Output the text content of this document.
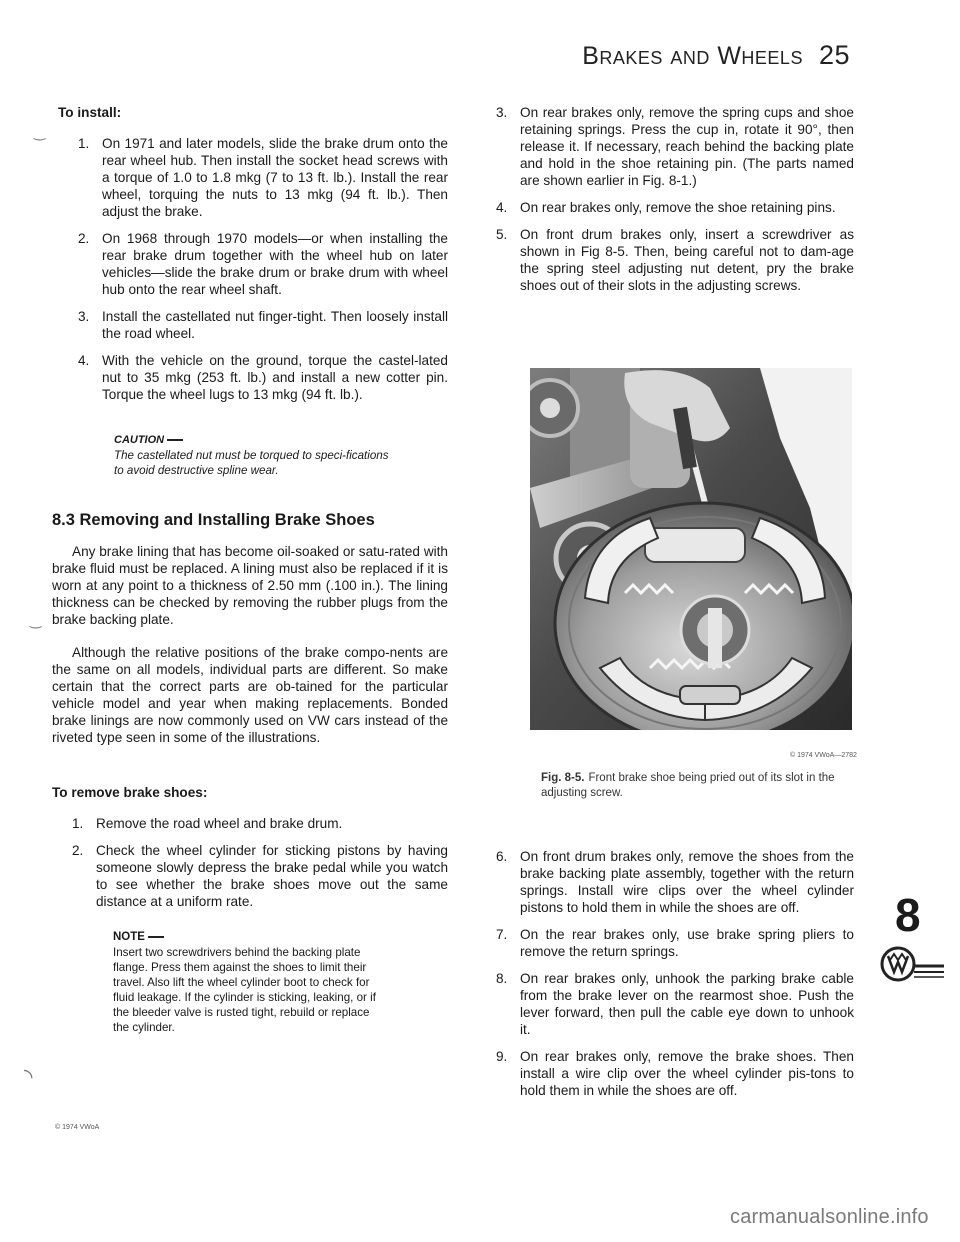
Brakes and Wheels 25

To install:

1. On 1971 and later models, slide the brake drum onto the rear wheel hub. Then install the socket head screws with a torque of 1.0 to 1.8 mkg (7 to 13 ft. lb.). Install the rear wheel, torquing the nuts to 13 mkg (94 ft. lb.). Then adjust the brake.
2. On 1968 through 1970 models—or when installing the rear brake drum together with the wheel hub on later vehicles—slide the brake drum or brake drum with wheel hub onto the rear wheel shaft.
3. Install the castellated nut finger-tight. Then loosely install the road wheel.
4. With the vehicle on the ground, torque the castel-lated nut to 35 mkg (253 ft. lb.) and install a new cotter pin. Torque the wheel lugs to 13 mkg (94 ft. lb.).
CAUTION
The castellated nut must be torqued to speci-fications to avoid destructive spline wear.
8.3 Removing and Installing Brake Shoes

Any brake lining that has become oil-soaked or satu-rated with brake fluid must be replaced. A lining must also be replaced if it is worn at any point to a thickness of 2.50 mm (.100 in.). The lining thickness can be checked by removing the rubber plugs from the brake backing plate.

Although the relative positions of the brake compo-nents are the same on all models, individual parts are different. So make certain that the correct parts are ob-tained for the particular vehicle model and year when making replacements. Bonded brake linings are now commonly used on VW cars instead of the riveted type seen in some of the illustrations.

To remove brake shoes:

1. Remove the road wheel and brake drum.
2. Check the wheel cylinder for sticking pistons by having someone slowly depress the brake pedal while you watch to see whether the brake shoes move out the same distance at a uniform rate.
NOTE
Insert two screwdrivers behind the backing plate flange. Press them against the shoes to limit their travel. Also lift the wheel cylinder boot to check for fluid leakage. If the cylinder is sticking, leaking, or if the bleeder valve is rusted tight, rebuild or replace the cylinder.
© 1974 VWoA
‿
‿
◝
3. On rear brakes only, remove the spring cups and shoe retaining springs. Press the cup in, rotate it 90°, then release it. If necessary, reach behind the backing plate and hold in the shoe retaining pin. (The parts named are shown earlier in Fig. 8-1.)
4. On rear brakes only, remove the shoe retaining pins.
5. On front drum brakes only, insert a screwdriver as shown in Fig 8-5. Then, being careful not to dam-age the spring steel adjusting nut detent, pry the brake shoes out of their slots in the adjusting screws.
© 1974 VWoA—2782
Fig. 8-5. Front brake shoe being pried out of its slot in the adjusting screw.
6. On front drum brakes only, remove the shoes from the brake backing plate assembly, together with the return springs. Install wire clips over the wheel cylinder pistons to hold them in while the shoes are off.
7. On the rear brakes only, use brake spring pliers to remove the return springs.
8. On rear brakes only, unhook the parking brake cable from the brake lever on the rearmost shoe. Push the lever forward, then pull the cable eye down to unhook it.
9. On rear brakes only, remove the brake shoes. Then install a wire clip over the wheel cylinder pis-tons to hold them in while the shoes are off.
8
carmanualsonline.info
